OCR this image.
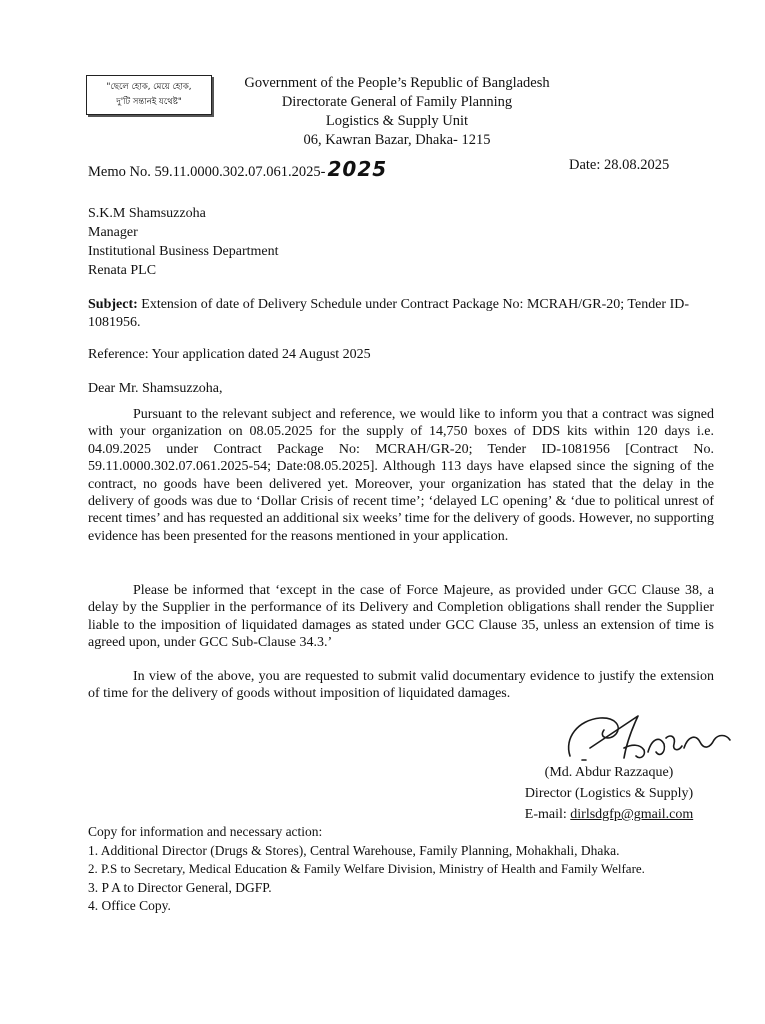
"ছেলে হোক, মেয়ে হোক,
দু'টি সন্তানই যথেষ্ট"
Government of the People’s Republic of Bangladesh
Directorate General of Family Planning
Logistics & Supply Unit
06, Kawran Bazar, Dhaka- 1215
Memo No. 59.11.0000.302.07.061.2025- 2025	Date: 28.08.2025
S.K.M Shamsuzzoha
Manager
Institutional Business Department
Renata PLC
Subject: Extension of date of Delivery Schedule under Contract Package No: MCRAH/GR-20; Tender ID-1081956.
Reference: Your application dated 24 August 2025
Dear Mr. Shamsuzzoha,
Pursuant to the relevant subject and reference, we would like to inform you that a contract was signed with your organization on 08.05.2025 for the supply of 14,750 boxes of DDS kits within 120 days i.e. 04.09.2025 under Contract Package No: MCRAH/GR-20; Tender ID-1081956 [Contract No. 59.11.0000.302.07.061.2025-54; Date:08.05.2025]. Although 113 days have elapsed since the signing of the contract, no goods have been delivered yet. Moreover, your organization has stated that the delay in the delivery of goods was due to ‘Dollar Crisis of recent time’; ‘delayed LC opening’ & ‘due to political unrest of recent times’ and has requested an additional six weeks’ time for the delivery of goods. However, no supporting evidence has been presented for the reasons mentioned in your application.
Please be informed that ‘except in the case of Force Majeure, as provided under GCC Clause 38, a delay by the Supplier in the performance of its Delivery and Completion obligations shall render the Supplier liable to the imposition of liquidated damages as stated under GCC Clause 35, unless an extension of time is agreed upon, under GCC Sub-Clause 34.3.’
In view of the above, you are requested to submit valid documentary evidence to justify the extension of time for the delivery of goods without imposition of liquidated damages.
(Md. Abdur Razzaque)
Director (Logistics & Supply)
E-mail: dirlsdgfp@gmail.com
Copy for information and necessary action:
1. Additional Director (Drugs & Stores), Central Warehouse, Family Planning, Mohakhali, Dhaka.
2. P.S to Secretary, Medical Education & Family Welfare Division, Ministry of Health and Family Welfare.
3. P A to Director General, DGFP.
4. Office Copy.
